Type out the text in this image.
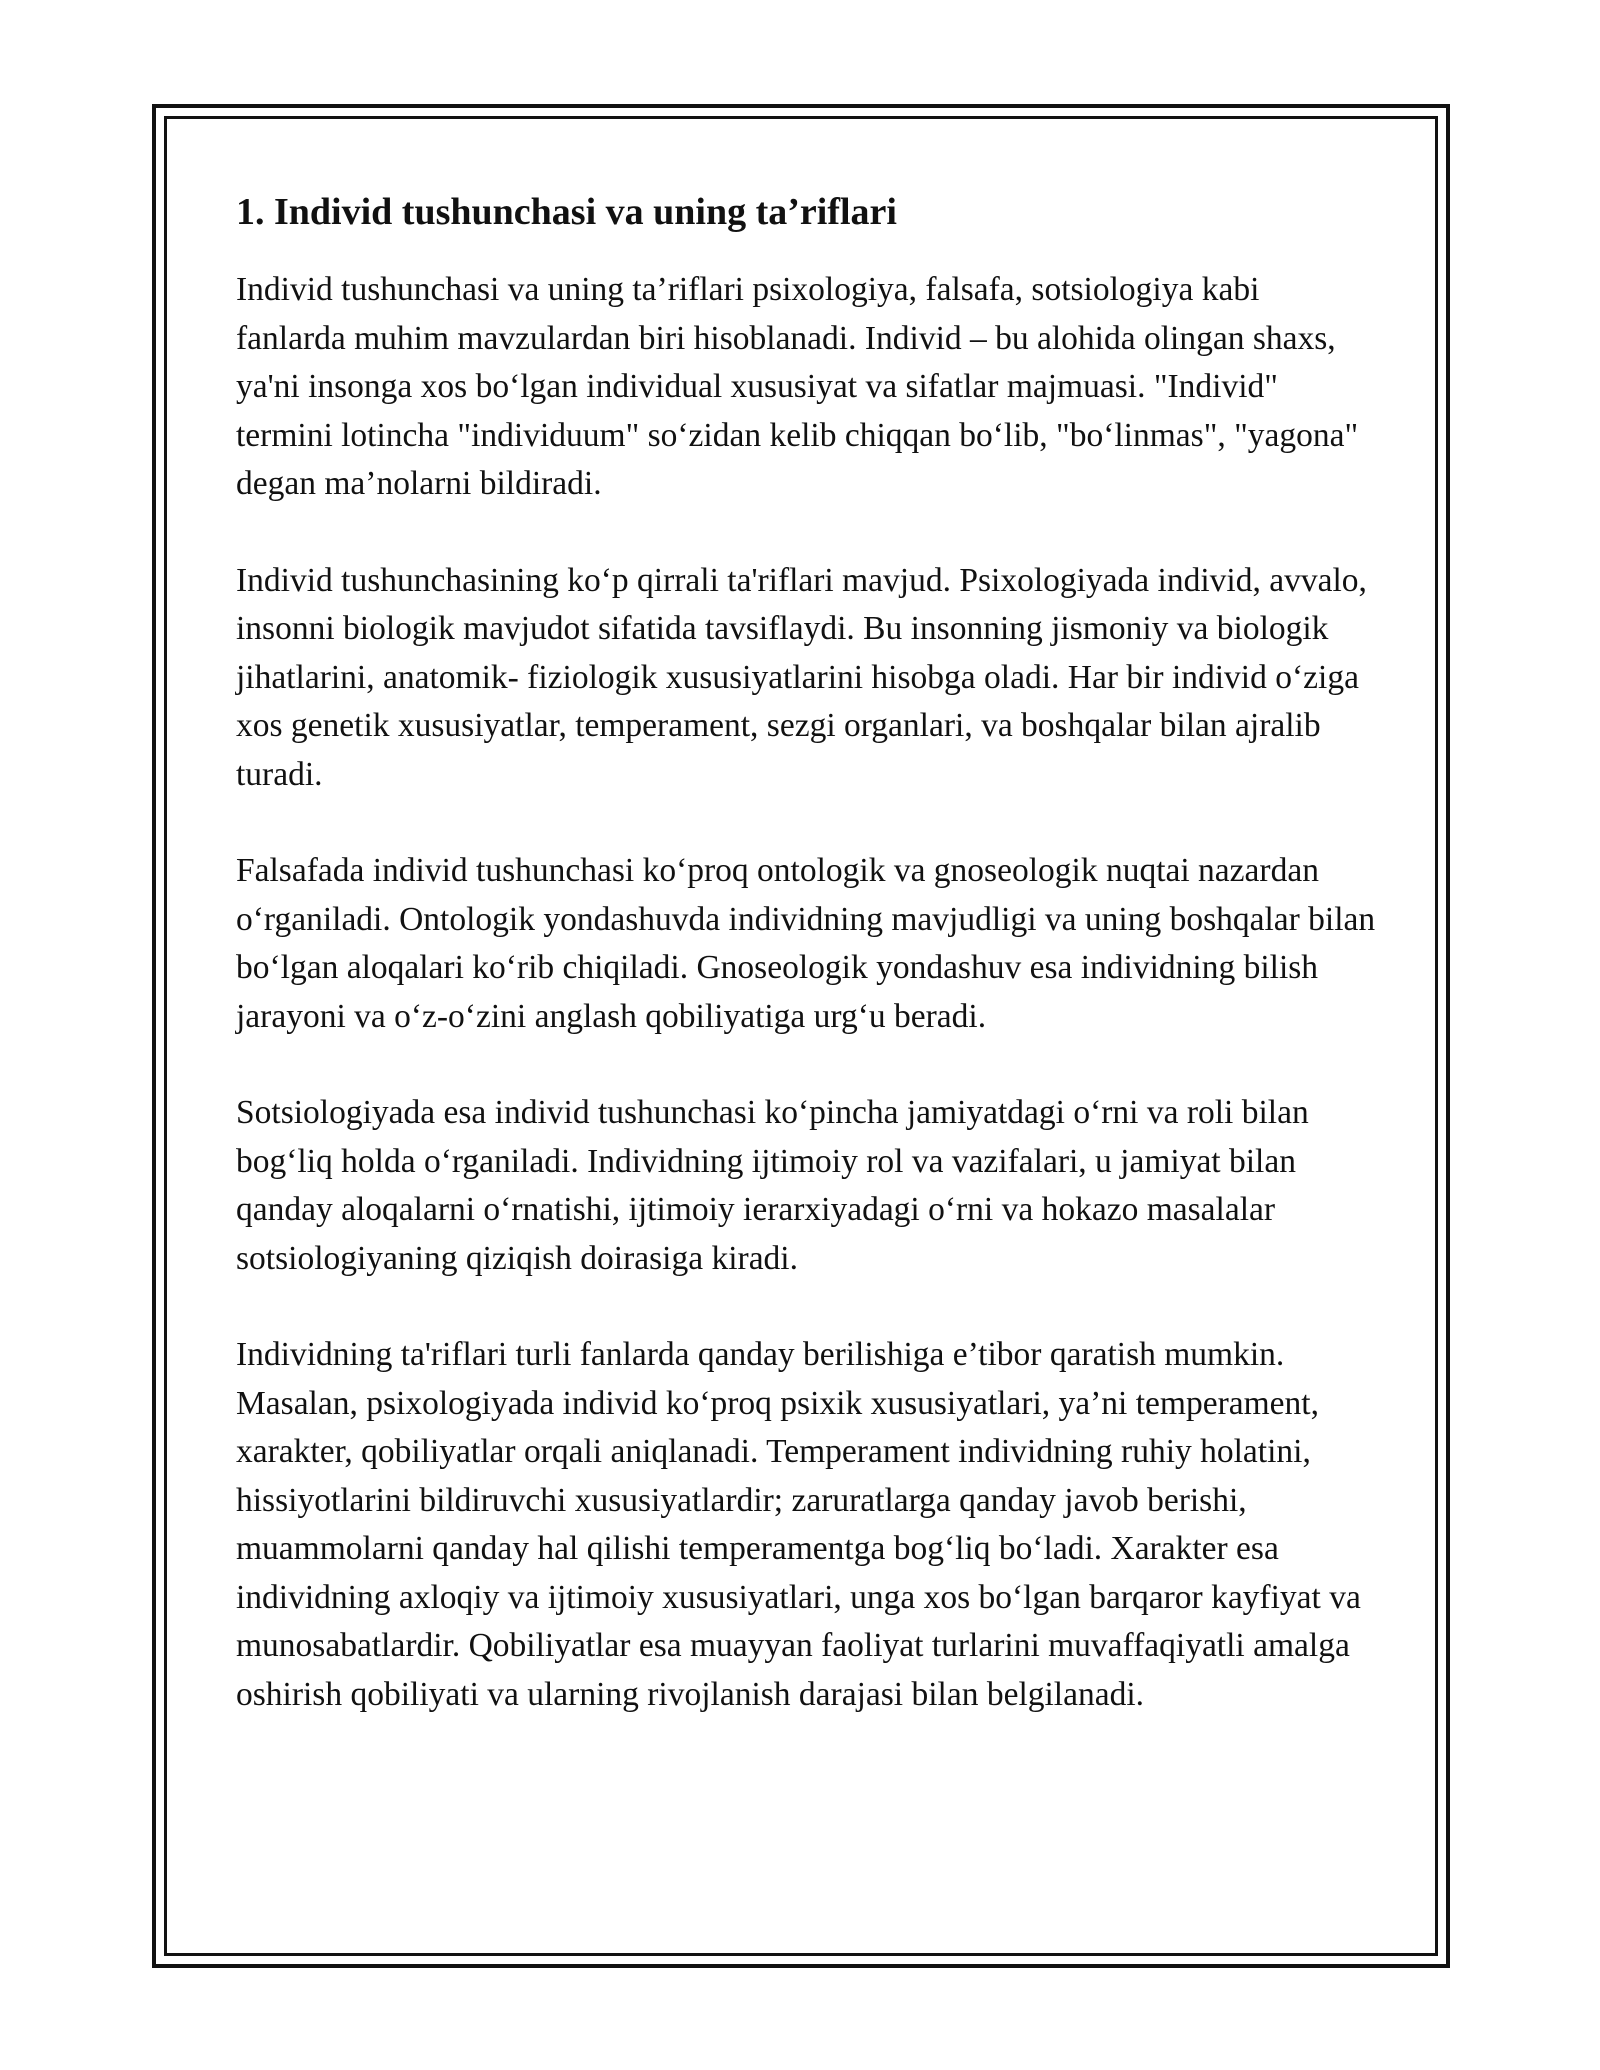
1. Individ tushunchasi va uning ta’riflari

Individ tushunchasi va uning ta’riflari psixologiya, falsafa, sotsiologiya kabi fanlarda muhim mavzulardan biri hisoblanadi. Individ – bu alohida olingan shaxs, ya'ni insonga xos boʻlgan individual xususiyat va sifatlar majmuasi. "Individ" termini lotincha "individuum" soʻzidan kelib chiqqan boʻlib, "boʻlinmas", "yagona" degan ma’nolarni bildiradi.

Individ tushunchasining koʻp qirrali ta'riflari mavjud. Psixologiyada individ, avvalo, insonni biologik mavjudot sifatida tavsiflaydi. Bu insonning jismoniy va biologik jihatlarini, anatomik- fiziologik xususiyatlarini hisobga oladi. Har bir individ oʻziga xos genetik xususiyatlar, temperament, sezgi organlari, va boshqalar bilan ajralib turadi.

Falsafada individ tushunchasi koʻproq ontologik va gnoseologik nuqtai nazardan oʻrganiladi. Ontologik yondashuvda individning mavjudligi va uning boshqalar bilan boʻlgan aloqalari koʻrib chiqiladi. Gnoseologik yondashuv esa individning bilish jarayoni va oʻz-oʻzini anglash qobiliyatiga urgʻu beradi.

Sotsiologiyada esa individ tushunchasi koʻpincha jamiyatdagi oʻrni va roli bilan bogʻliq holda oʻrganiladi. Individning ijtimoiy rol va vazifalari, u jamiyat bilan qanday aloqalarni oʻrnatishi, ijtimoiy ierarxiyadagi oʻrni va hokazo masalalar sotsiologiyaning qiziqish doirasiga kiradi.

Individning ta'riflari turli fanlarda qanday berilishiga e’tibor qaratish mumkin. Masalan, psixologiyada individ koʻproq psixik xususiyatlari, ya’ni temperament, xarakter, qobiliyatlar orqali aniqlanadi. Temperament individning ruhiy holatini, hissiyotlarini bildiruvchi xususiyatlardir; zaruratlarga qanday javob berishi, muammolarni qanday hal qilishi temperamentga bogʻliq boʻladi. Xarakter esa individning axloqiy va ijtimoiy xususiyatlari, unga xos boʻlgan barqaror kayfiyat va munosabatlardir. Qobiliyatlar esa muayyan faoliyat turlarini muvaffaqiyatli amalga oshirish qobiliyati va ularning rivojlanish darajasi bilan belgilanadi.
